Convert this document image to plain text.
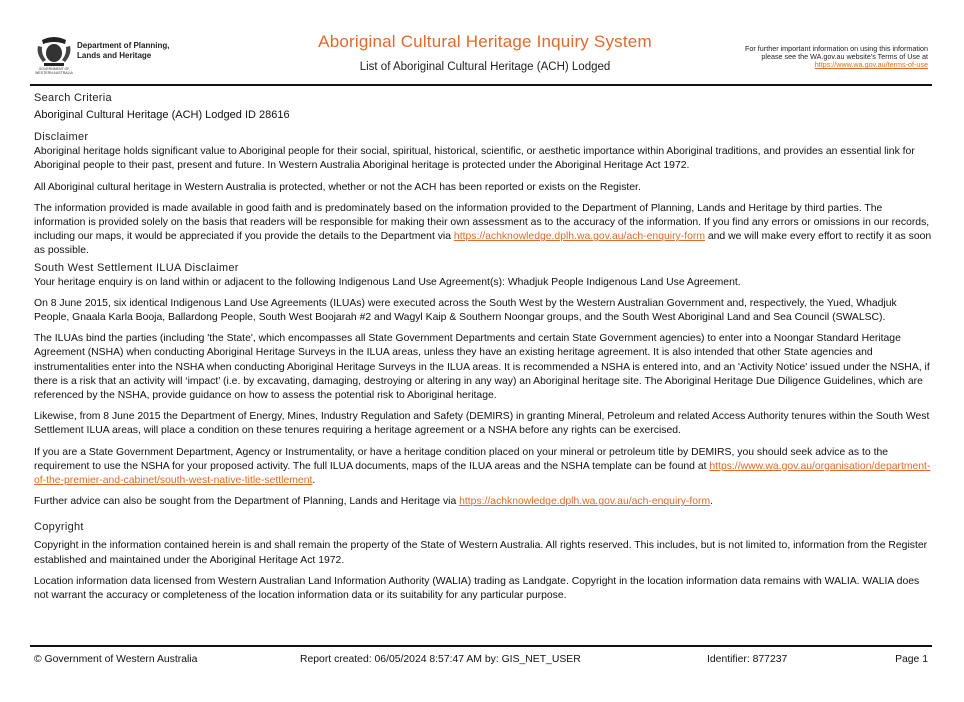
Department of Planning,
Lands and Heritage
GOVERNMENT OF
WESTERN AUSTRALIA
Aboriginal Cultural Heritage Inquiry System
List of Aboriginal Cultural Heritage (ACH) Lodged
For further important information on using this information
please see the WA.gov.au website's Terms of Use at
https://www.wa.gov.au/terms-of-use
Search Criteria
Aboriginal Cultural Heritage (ACH) Lodged ID 28616
Disclaimer
Aboriginal heritage holds significant value to Aboriginal people for their social, spiritual, historical, scientific, or aesthetic importance within Aboriginal traditions, and provides an essential link for Aboriginal people to their past, present and future. In Western Australia Aboriginal heritage is protected under the Aboriginal Heritage Act 1972.
All Aboriginal cultural heritage in Western Australia is protected, whether or not the ACH has been reported or exists on the Register.
The information provided is made available in good faith and is predominately based on the information provided to the Department of Planning, Lands and Heritage by third parties. The information is provided solely on the basis that readers will be responsible for making their own assessment as to the accuracy of the information. If you find any errors or omissions in our records, including our maps, it would be appreciated if you provide the details to the Department via https://achknowledge.dplh.wa.gov.au/ach-enquiry-form and we will make every effort to rectify it as soon as possible.
South West Settlement ILUA Disclaimer
Your heritage enquiry is on land within or adjacent to the following Indigenous Land Use Agreement(s): Whadjuk People Indigenous Land Use Agreement.
On 8 June 2015, six identical Indigenous Land Use Agreements (ILUAs) were executed across the South West by the Western Australian Government and, respectively, the Yued, Whadjuk People, Gnaala Karla Booja, Ballardong People, South West Boojarah #2 and Wagyl Kaip & Southern Noongar groups, and the South West Aboriginal Land and Sea Council (SWALSC).
The ILUAs bind the parties (including 'the State', which encompasses all State Government Departments and certain State Government agencies) to enter into a Noongar Standard Heritage Agreement (NSHA) when conducting Aboriginal Heritage Surveys in the ILUA areas, unless they have an existing heritage agreement. It is also intended that other State agencies and instrumentalities enter into the NSHA when conducting Aboriginal Heritage Surveys in the ILUA areas. It is recommended a NSHA is entered into, and an 'Activity Notice' issued under the NSHA, if there is a risk that an activity will ‘impact’ (i.e. by excavating, damaging, destroying or altering in any way) an Aboriginal heritage site. The Aboriginal Heritage Due Diligence Guidelines, which are referenced by the NSHA, provide guidance on how to assess the potential risk to Aboriginal heritage.
Likewise, from 8 June 2015 the Department of Energy, Mines, Industry Regulation and Safety (DEMIRS) in granting Mineral, Petroleum and related Access Authority tenures within the South West Settlement ILUA areas, will place a condition on these tenures requiring a heritage agreement or a NSHA before any rights can be exercised.
If you are a State Government Department, Agency or Instrumentality, or have a heritage condition placed on your mineral or petroleum title by DEMIRS, you should seek advice as to the requirement to use the NSHA for your proposed activity. The full ILUA documents, maps of the ILUA areas and the NSHA template can be found at https://www.wa.gov.au/organisation/department-of-the-premier-and-cabinet/south-west-native-title-settlement.
Further advice can also be sought from the Department of Planning, Lands and Heritage via https://achknowledge.dplh.wa.gov.au/ach-enquiry-form.
Copyright
Copyright in the information contained herein is and shall remain the property of the State of Western Australia. All rights reserved. This includes, but is not limited to, information from the Register established and maintained under the Aboriginal Heritage Act 1972.
Location information data licensed from Western Australian Land Information Authority (WALIA) trading as Landgate. Copyright in the location information data remains with WALIA. WALIA does not warrant the accuracy or completeness of the location information data or its suitability for any particular purpose.
© Government of Western Australia	Report created: 06/05/2024 8:57:47 AM by: GIS_NET_USER	Identifier: 877237	Page 1
